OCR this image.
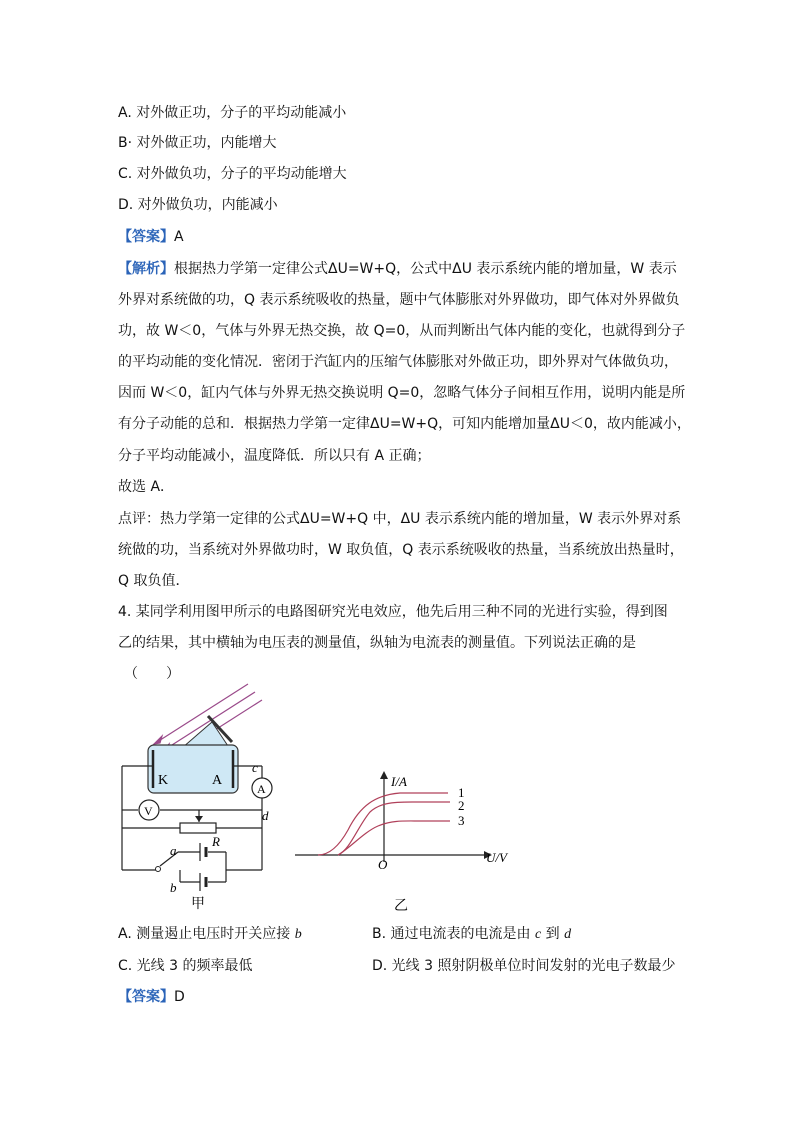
A. 对外做正功，分子的平均动能减小
B· 对外做正功，内能增大
C. 对外做负功，分子的平均动能增大
D. 对外做负功，内能减小
【答案】A
【解析】根据热力学第一定律公式ΔU=W+Q，公式中ΔU 表示系统内能的增加量，W 表示
外界对系统做的功，Q 表示系统吸收的热量，题中气体膨胀对外界做功，即气体对外界做负
功，故 W＜0，气体与外界无热交换，故 Q=0，从而判断出气体内能的变化，也就得到分子
的平均动能的变化情况．密闭于汽缸内的压缩气体膨胀对外做正功，即外界对气体做负功，
因而 W＜0，缸内气体与外界无热交换说明 Q=0，忽略气体分子间相互作用，说明内能是所
有分子动能的总和．根据热力学第一定律ΔU=W+Q，可知内能增加量ΔU＜0，故内能减小，
分子平均动能减小，温度降低．所以只有 A 正确；
故选 A．
点评：热力学第一定律的公式ΔU=W+Q 中，ΔU 表示系统内能的增加量，W 表示外界对系
统做的功，当系统对外界做功时，W 取负值，Q 表示系统吸收的热量，当系统放出热量时，
Q 取负值．
4. 某同学利用图甲所示的电路图研究光电效应，他先后用三种不同的光进行实验，得到图
乙的结果，其中横轴为电压表的测量值，纵轴为电流表的测量值。下列说法正确的是
（　　）
K	A
R
A
V
c
d
a
b
甲
I/A
U/V
O
1
2
3
乙
A. 测量遏止电压时开关应接 b	B. 通过电流表的电流是由 c 到 d
C. 光线 3 的频率最低	D. 光线 3 照射阴极单位时间发射的光电子数最少
【答案】D
